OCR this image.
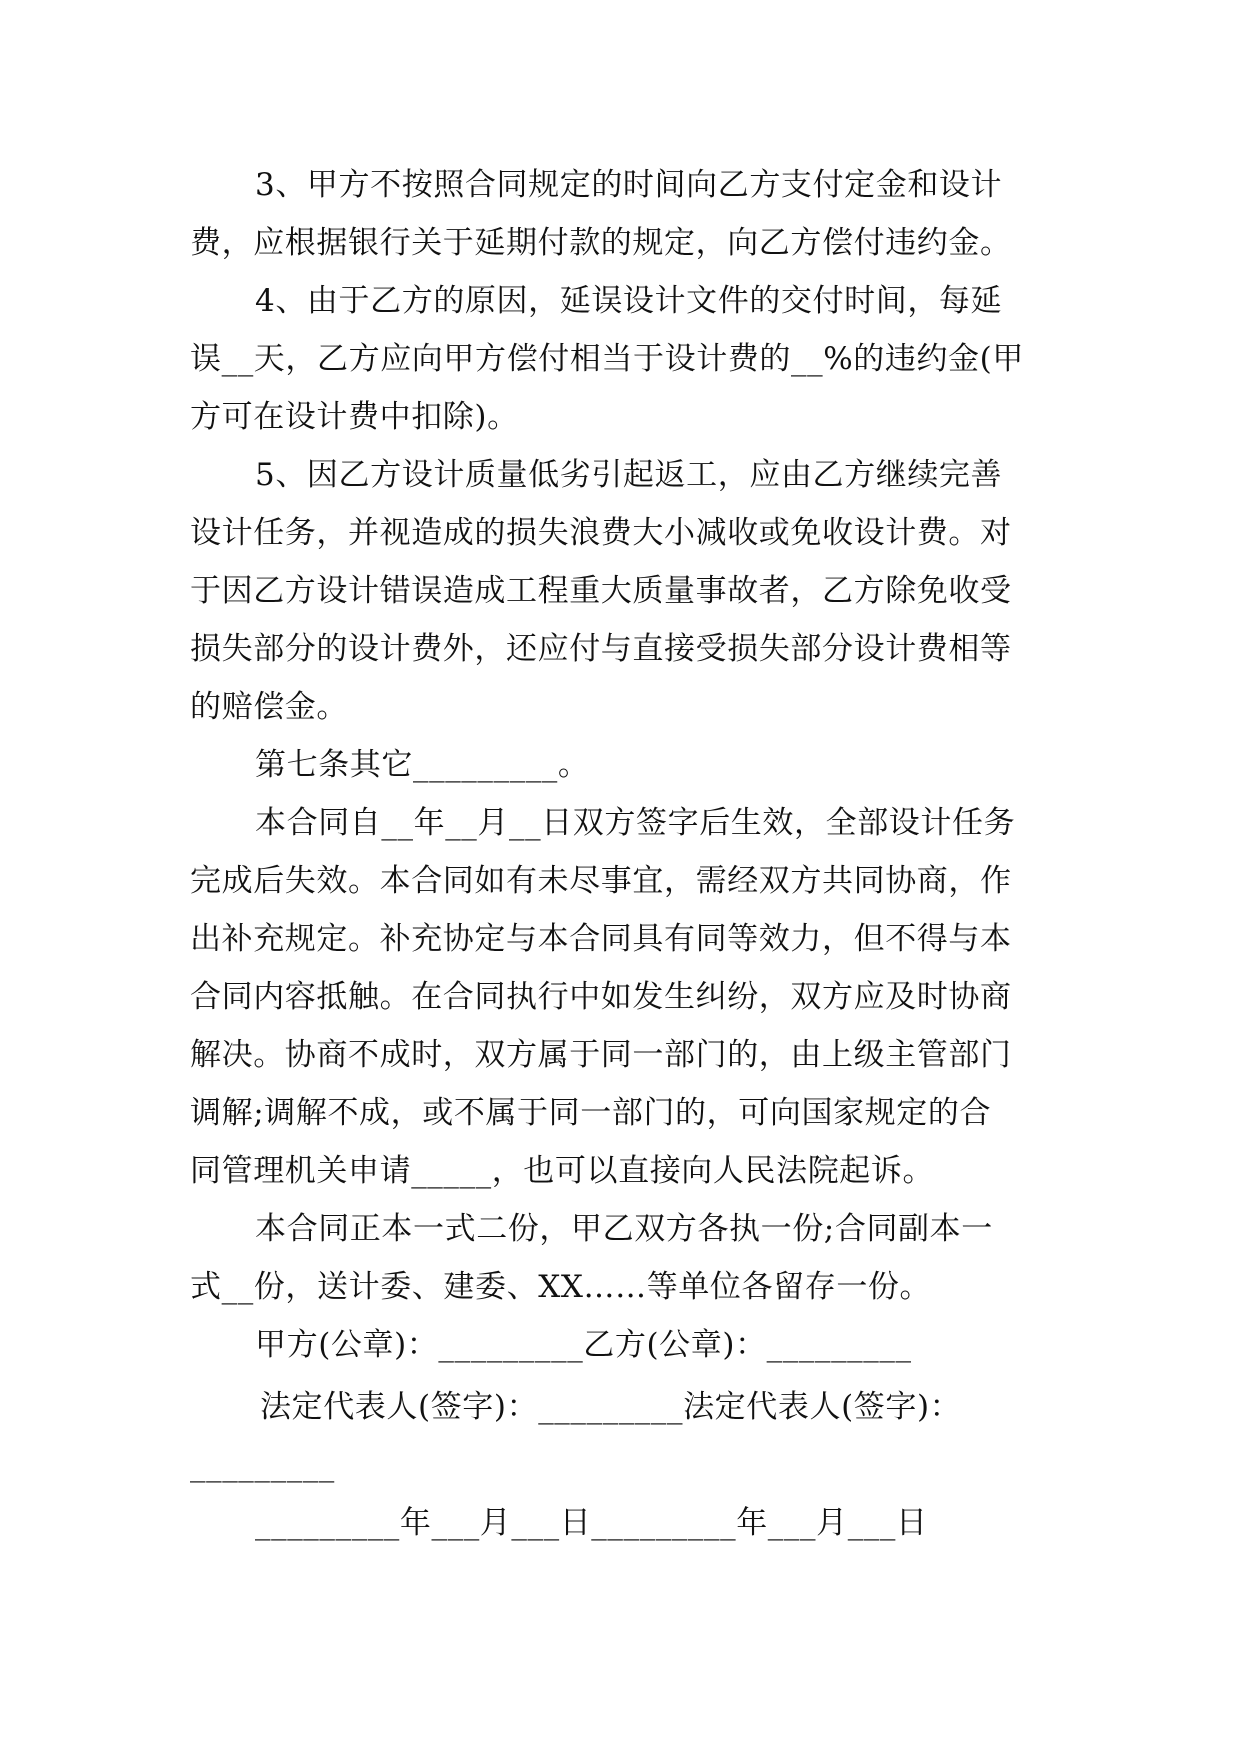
3、甲方不按照合同规定的时间向乙方支付定金和设计
费，应根据银行关于延期付款的规定，向乙方偿付违约金。
4、由于乙方的原因，延误设计文件的交付时间，每延
误__天，乙方应向甲方偿付相当于设计费的__%的违约金(甲
方可在设计费中扣除)。
5、因乙方设计质量低劣引起返工，应由乙方继续完善
设计任务，并视造成的损失浪费大小减收或免收设计费。对
于因乙方设计错误造成工程重大质量事故者，乙方除免收受
损失部分的设计费外，还应付与直接受损失部分设计费相等
的赔偿金。
第七条其它_________。
本合同自__年__月__日双方签字后生效，全部设计任务
完成后失效。本合同如有未尽事宜，需经双方共同协商，作
出补充规定。补充协定与本合同具有同等效力，但不得与本
合同内容抵触。在合同执行中如发生纠纷，双方应及时协商
解决。协商不成时，双方属于同一部门的，由上级主管部门
调解;调解不成，或不属于同一部门的，可向国家规定的合
同管理机关申请_____，也可以直接向人民法院起诉。
本合同正本一式二份，甲乙双方各执一份;合同副本一
式__份，送计委、建委、XX……等单位各留存一份。
甲方(公章)：_________乙方(公章)：_________
法定代表人(签字)：_________法定代表人(签字)：
_________
_________年___月___日_________年___月___日
